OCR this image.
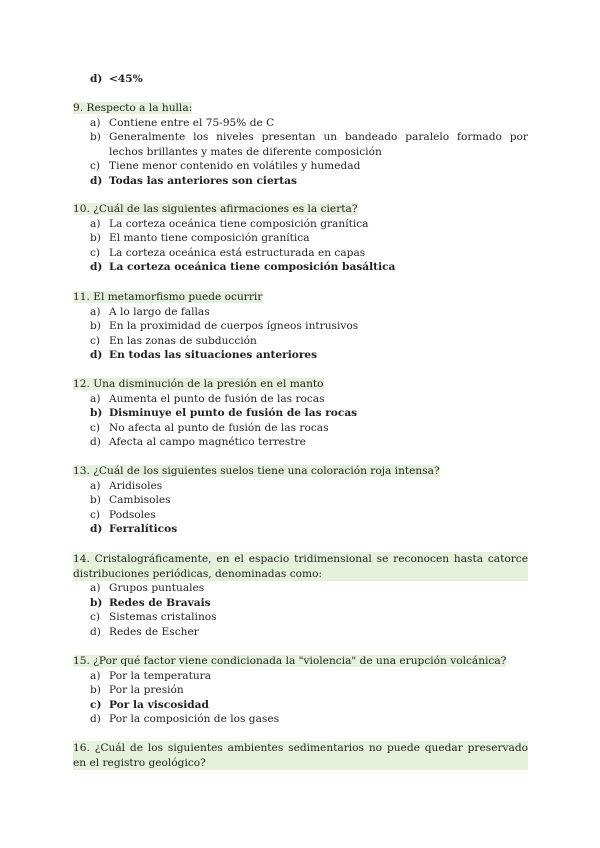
d) <45%
9. Respecto a la hulla:
a) Contiene entre el 75-95% de C
b) Generalmente los niveles presentan un bandeado paralelo formado por lechos brillantes y mates de diferente composición
c) Tiene menor contenido en volátiles y humedad
d) Todas las anteriores son ciertas
10. ¿Cuál de las siguientes afirmaciones es la cierta?
a) La corteza oceánica tiene composición granítica
b) El manto tiene composición granítica
c) La corteza oceánica está estructurada en capas
d) La corteza oceánica tiene composición basáltica
11. El metamorfismo puede ocurrir
a) A lo largo de fallas
b) En la proximidad de cuerpos ígneos intrusivos
c) En las zonas de subducción
d) En todas las situaciones anteriores
12. Una disminución de la presión en el manto
a) Aumenta el punto de fusión de las rocas
b) Disminuye el punto de fusión de las rocas
c) No afecta al punto de fusión de las rocas
d) Afecta al campo magnético terrestre
13. ¿Cuál de los siguientes suelos tiene una coloración roja intensa?
a) Aridisoles
b) Cambisoles
c) Podsoles
d) Ferralíticos
14. Cristalográficamente, en el espacio tridimensional se reconocen hasta catorce distribuciones periódicas, denominadas como:
a) Grupos puntuales
b) Redes de Bravais
c) Sistemas cristalinos
d) Redes de Escher
15. ¿Por qué factor viene condicionada la "violencia" de una erupción volcánica?
a) Por la temperatura
b) Por la presión
c) Por la viscosidad
d) Por la composición de los gases
16. ¿Cuál de los siguientes ambientes sedimentarios no puede quedar preservado en el registro geológico?
